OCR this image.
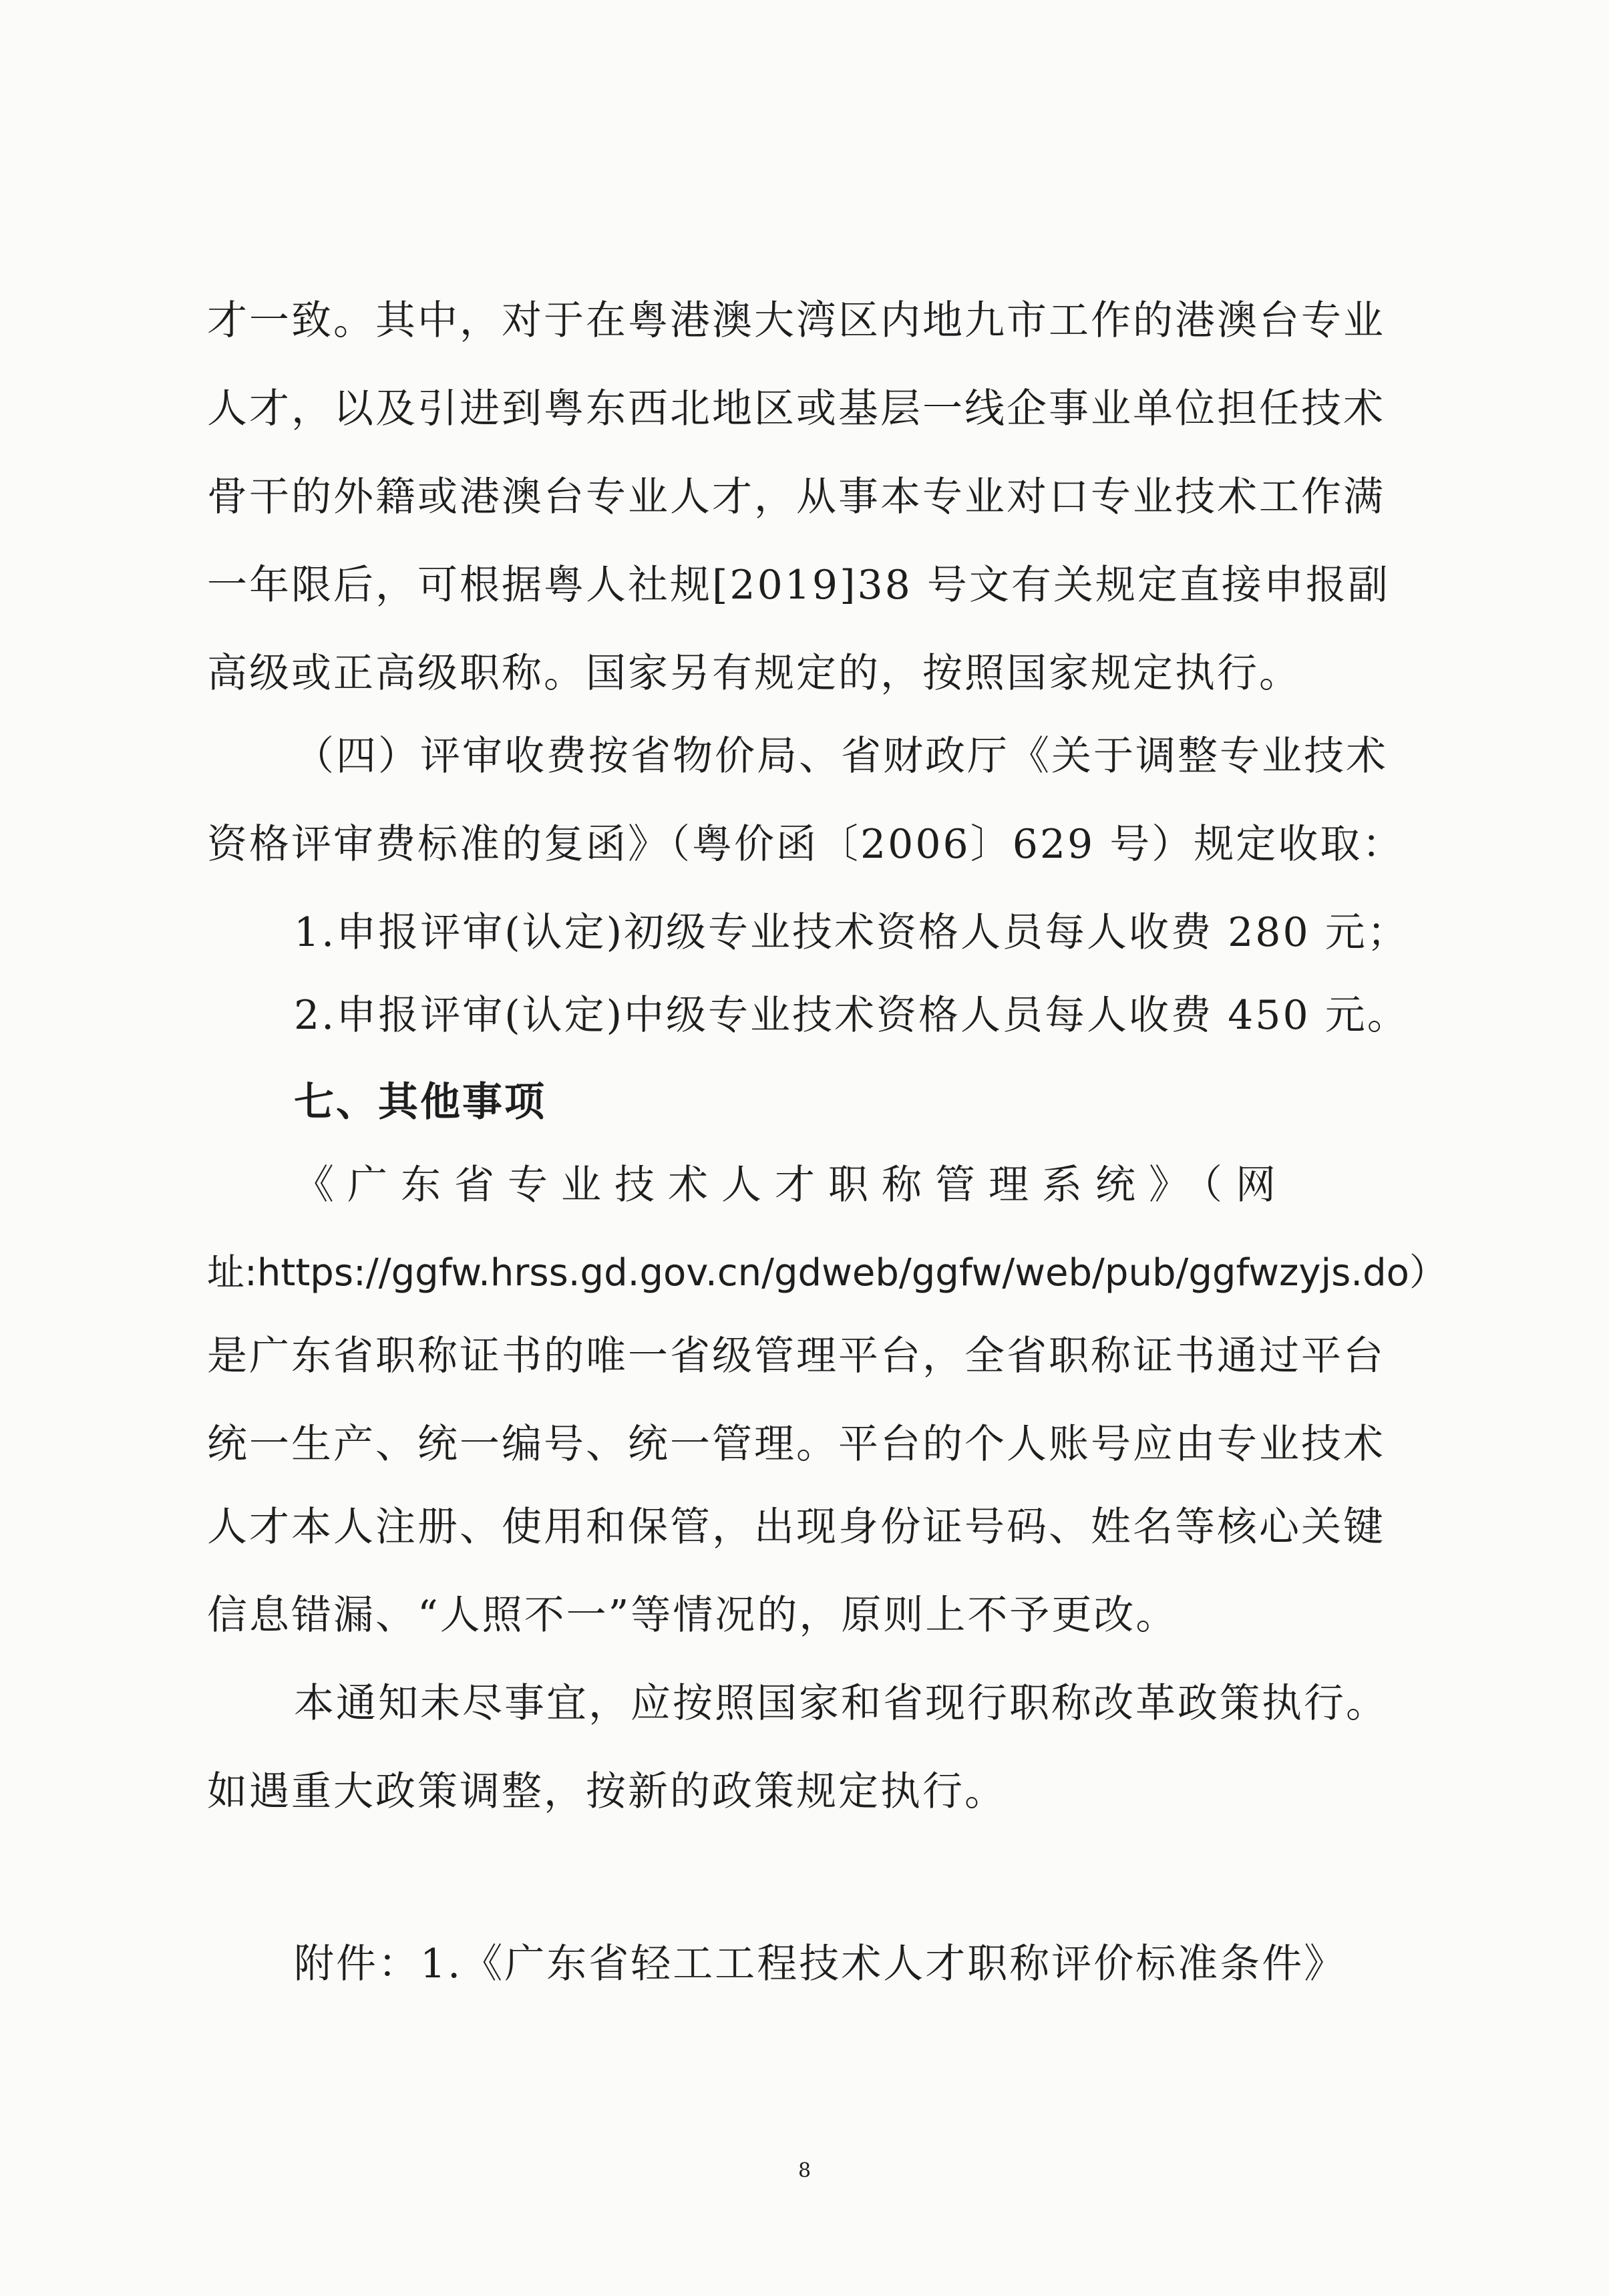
才一致。其中，对于在粤港澳大湾区内地九市工作的港澳台专业

人才，以及引进到粤东西北地区或基层一线企事业单位担任技术

骨干的外籍或港澳台专业人才，从事本专业对口专业技术工作满

一年限后，可根据粤人社规[2019]38 号文有关规定直接申报副

高级或正高级职称。国家另有规定的，按照国家规定执行。

（四）评审收费按省物价局、省财政厅《关于调整专业技术

资格评审费标准的复函》（粤价函〔2006〕629 号）规定收取：

1.申报评审(认定)初级专业技术资格人员每人收费 280 元；

2.申报评审(认定)中级专业技术资格人员每人收费 450 元。

七、其他事项

《广东省专业技术人才职称管理系统》（网

址:https://ggfw.hrss.gd.gov.cn/gdweb/ggfw/web/pub/ggfwzyjs.do）

是广东省职称证书的唯一省级管理平台，全省职称证书通过平台

统一生产、统一编号、统一管理。平台的个人账号应由专业技术

人才本人注册、使用和保管，出现身份证号码、姓名等核心关键

信息错漏、“人照不一”等情况的，原则上不予更改。

本通知未尽事宜，应按照国家和省现行职称改革政策执行。

如遇重大政策调整，按新的政策规定执行。

附件：1.《广东省轻工工程技术人才职称评价标准条件》

8
